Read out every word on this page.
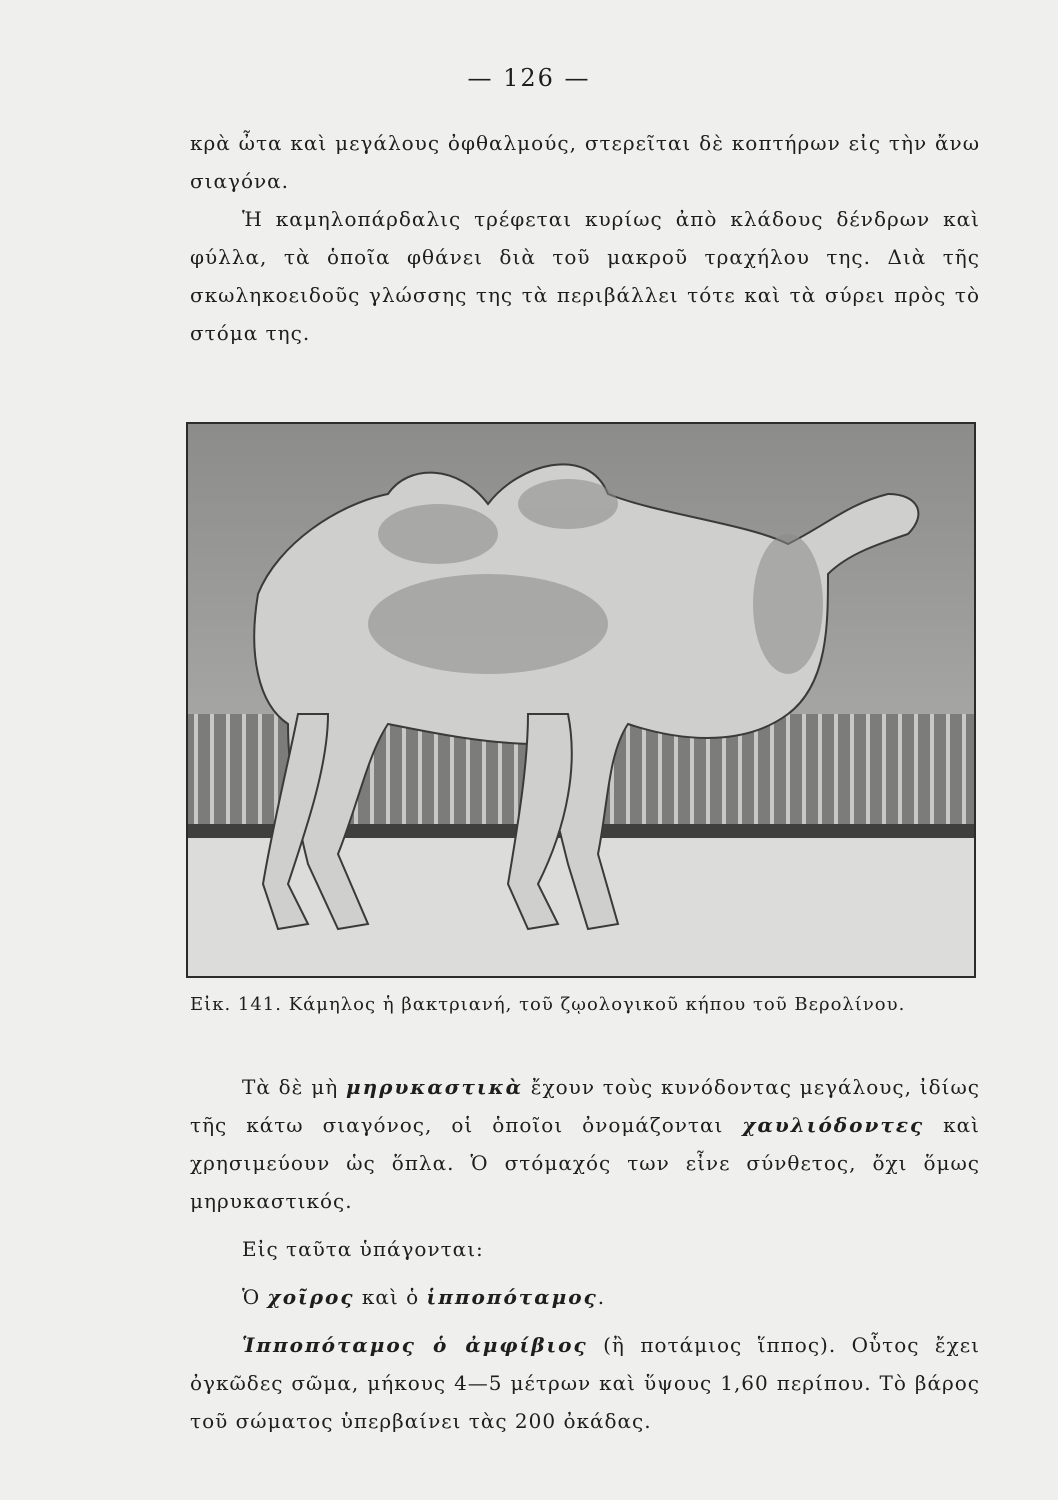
— 126 —

κρὰ ὦτα καὶ μεγάλους ὀφθαλμούς, στερεῖται δὲ κοπτήρων εἰς τὴν ἄνω σιαγόνα.

Ἡ καμηλοπάρδαλις τρέφεται κυρίως ἀπὸ κλάδους δένδρων καὶ φύλλα, τὰ ὁποῖα φθάνει διὰ τοῦ μακροῦ τραχήλου της. Διὰ τῆς σκωληκοειδοῦς γλώσσης της τὰ περιβάλλει τότε καὶ τὰ σύρει πρὸς τὸ στόμα της.

Εἰκ. 141. Κάμηλος ἡ βακτριανή, τοῦ ζῳολογικοῦ κήπου τοῦ Βερολίνου.

Τὰ δὲ μὴ μηρυκαστικὰ ἔχουν τοὺς κυνόδοντας μεγάλους, ἰδίως τῆς κάτω σιαγόνος, οἱ ὁποῖοι ὀνομάζονται χαυλιόδοντες καὶ χρησιμεύουν ὡς ὅπλα. Ὁ στόμαχός των εἶνε σύνθετος, ὄχι ὅμως μηρυκαστικός.

Εἰς ταῦτα ὑπάγονται:

Ὁ χοῖρος καὶ ὁ ἱπποπόταμος.

Ἱπποπόταμος ὁ ἀμφίβιος (ἢ ποτάμιος ἵππος). Οὗτος ἔχει ὀγκῶδες σῶμα, μήκους 4—5 μέτρων καὶ ὕψους 1,60 περίπου. Τὸ βάρος τοῦ σώματος ὑπερβαίνει τὰς 200 ὀκάδας.
